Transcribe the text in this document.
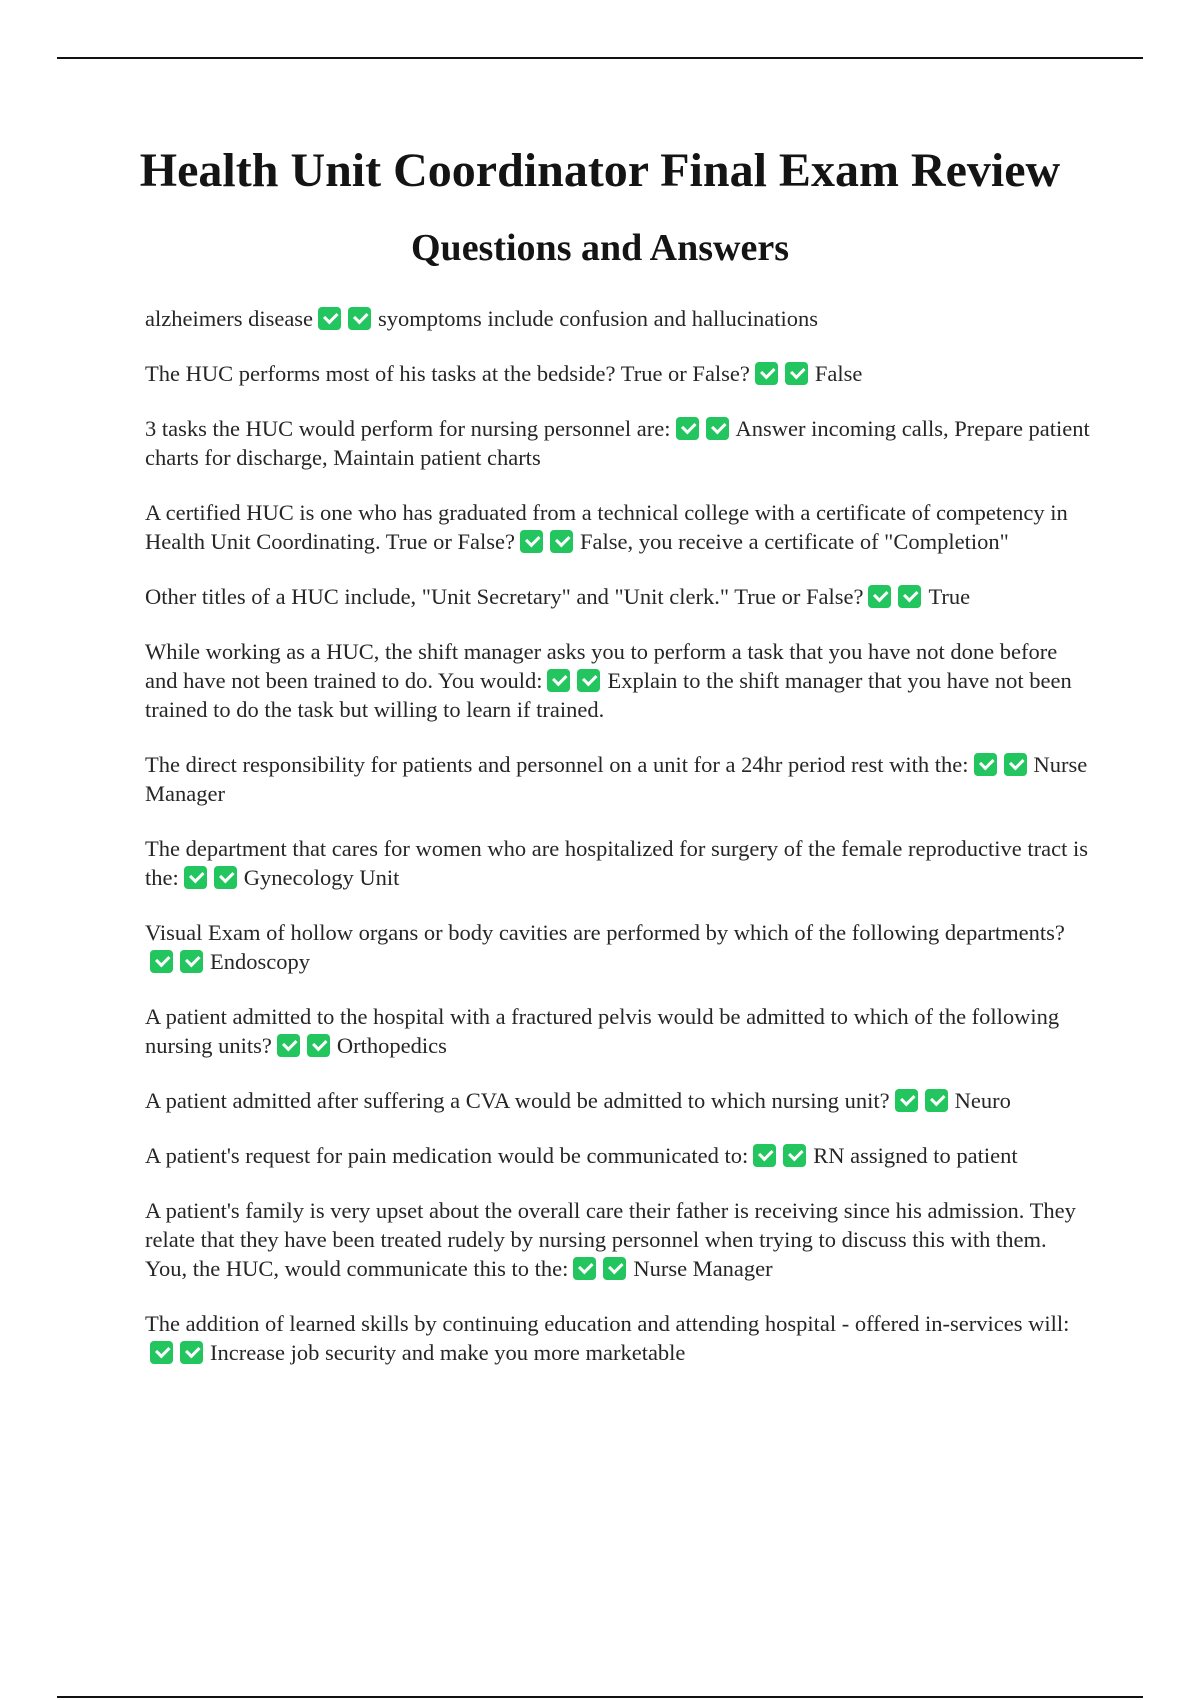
Health Unit Coordinator Final Exam Review
Questions and Answers
alzheimers disease	syomptoms include confusion and hallucinations
The HUC performs most of his tasks at the bedside? True or False?	False
3 tasks the HUC would perform for nursing personnel are:	Answer incoming calls, Prepare patient charts for discharge, Maintain patient charts
A certified HUC is one who has graduated from a technical college with a certificate of competency in Health Unit Coordinating. True or False?	False, you receive a certificate of "Completion"
Other titles of a HUC include, "Unit Secretary" and "Unit clerk." True or False?	True
While working as a HUC, the shift manager asks you to perform a task that you have not done before and have not been trained to do. You would:	Explain to the shift manager that you have not been trained to do the task but willing to learn if trained.
The direct responsibility for patients and personnel on a unit for a 24hr period rest with the:	Nurse Manager
The department that cares for women who are hospitalized for surgery of the female reproductive tract is the:	Gynecology Unit
Visual Exam of hollow organs or body cavities are performed by which of the following departments?Endoscopy
A patient admitted to the hospital with a fractured pelvis would be admitted to which of the following nursing units?	Orthopedics
A patient admitted after suffering a CVA would be admitted to which nursing unit?	Neuro
A patient's request for pain medication would be communicated to:	RN assigned to patient
A patient's family is very upset about the overall care their father is receiving since his admission. They relate that they have been treated rudely by nursing personnel when trying to discuss this with them. You, the HUC, would communicate this to the:	Nurse Manager
The addition of learned skills by continuing education and attending hospital - offered in-services will:Increase job security and make you more marketable
